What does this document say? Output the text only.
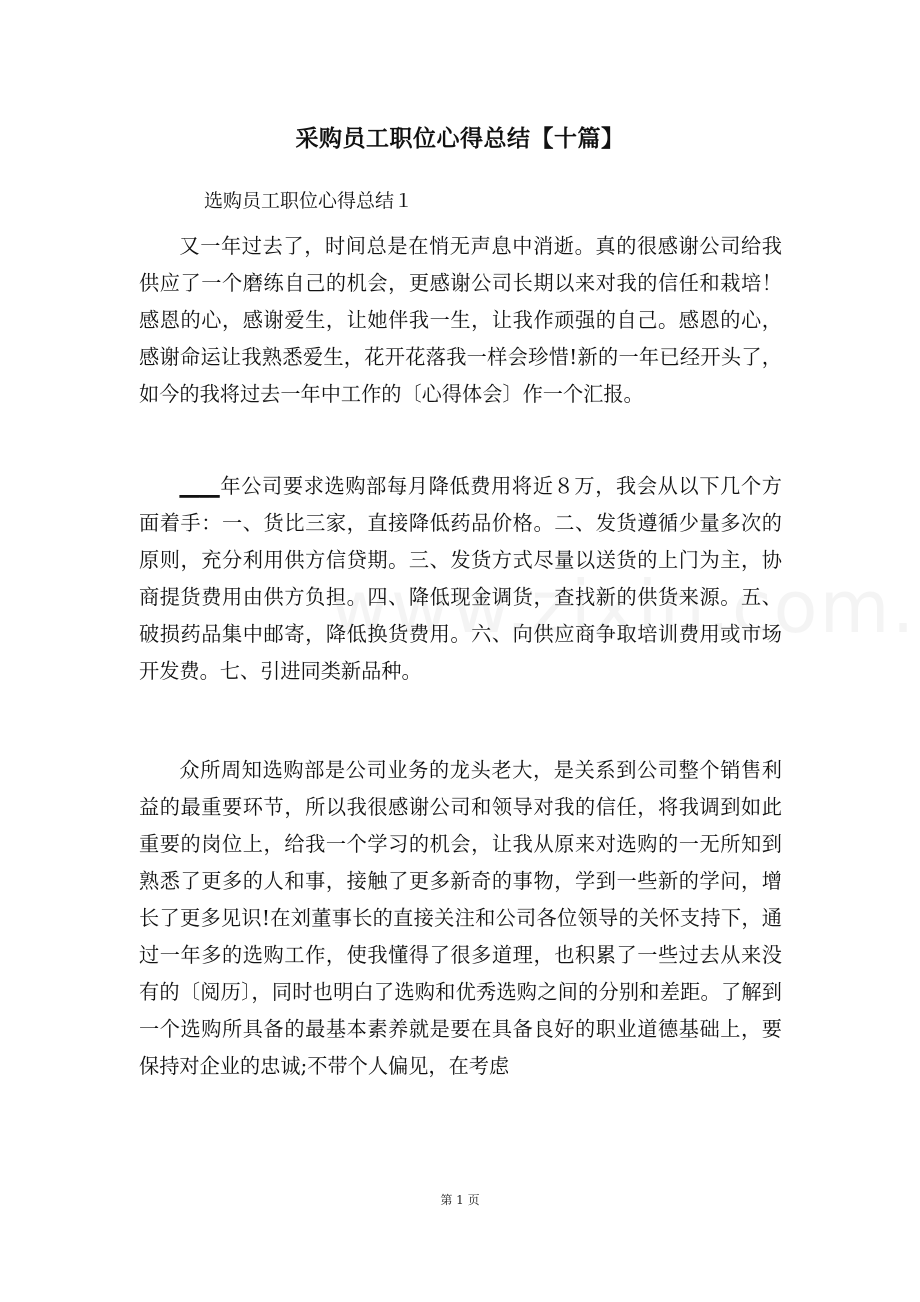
采购员工职位心得总结【十篇】

选购员工职位心得总结１

又一年过去了，时间总是在悄无声息中消逝。真的很感谢公司给我供应了一个磨练自己的机会，更感谢公司长期以来对我的信任和栽培！感恩的心，感谢爱生，让她伴我一生，让我作顽强的自己。感恩的心，感谢命运让我熟悉爱生，花开花落我一样会珍惜!新的一年已经开头了，如今的我将过去一年中工作的〔心得体会〕作一个汇报。

____年公司要求选购部每月降低费用将近８万，我会从以下几个方面着手：一、货比三家，直接降低药品价格。二、发货遵循少量多次的原则，充分利用供方信贷期。三、发货方式尽量以送货的上门为主，协商提货费用由供方负担。四、降低现金调货，查找新的供货来源。五、破损药品集中邮寄，降低换货费用。六、向供应商争取培训费用或市场开发费。七、引进同类新品种。

众所周知选购部是公司业务的龙头老大，是关系到公司整个销售利益的最重要环节，所以我很感谢公司和领导对我的信任，将我调到如此重要的岗位上，给我一个学习的机会，让我从原来对选购的一无所知到熟悉了更多的人和事，接触了更多新奇的事物，学到一些新的学问，增长了更多见识!在刘董事长的直接关注和公司各位领导的关怀支持下，通过一年多的选购工作，使我懂得了很多道理，也积累了一些过去从来没有的〔阅历〕，同时也明白了选购和优秀选购之间的分别和差距。了解到一个选购所具备的最基本素养就是要在具备良好的职业道德基础上，要保持对企业的忠诚;不带个人偏见，在考虑

第 1 页
